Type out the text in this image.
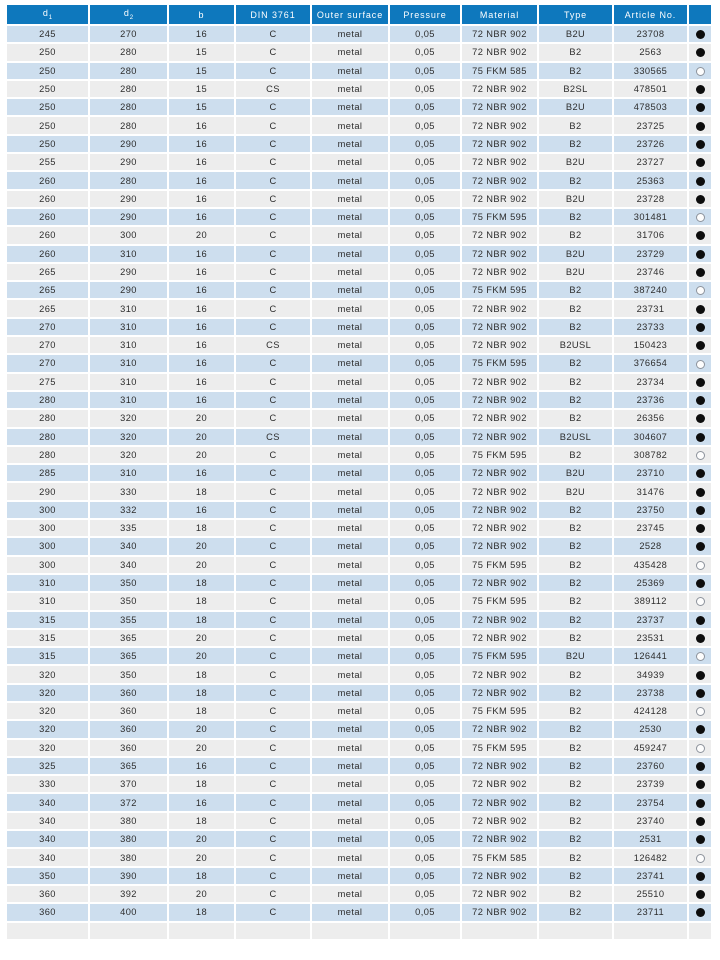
$d_1$	$d_2$	b	DIN 3761	Outer surface	Pressure	Material	Type	Article No.	
245	270	16	C	metal	0,05	72 NBR 902	B2U	23708	
250	280	15	C	metal	0,05	72 NBR 902	B2	2563	
250	280	15	C	metal	0,05	75 FKM 585	B2	330565	
250	280	15	CS	metal	0,05	72 NBR 902	B2SL	478501	
250	280	15	C	metal	0,05	72 NBR 902	B2U	478503	
250	280	16	C	metal	0,05	72 NBR 902	B2	23725	
250	290	16	C	metal	0,05	72 NBR 902	B2	23726	
255	290	16	C	metal	0,05	72 NBR 902	B2U	23727	
260	280	16	C	metal	0,05	72 NBR 902	B2	25363	
260	290	16	C	metal	0,05	72 NBR 902	B2U	23728	
260	290	16	C	metal	0,05	75 FKM 595	B2	301481	
260	300	20	C	metal	0,05	72 NBR 902	B2	31706	
260	310	16	C	metal	0,05	72 NBR 902	B2U	23729	
265	290	16	C	metal	0,05	72 NBR 902	B2U	23746	
265	290	16	C	metal	0,05	75 FKM 595	B2	387240	
265	310	16	C	metal	0,05	72 NBR 902	B2	23731	
270	310	16	C	metal	0,05	72 NBR 902	B2	23733	
270	310	16	CS	metal	0,05	72 NBR 902	B2USL	150423	
270	310	16	C	metal	0,05	75 FKM 595	B2	376654	
275	310	16	C	metal	0,05	72 NBR 902	B2	23734	
280	310	16	C	metal	0,05	72 NBR 902	B2	23736	
280	320	20	C	metal	0,05	72 NBR 902	B2	26356	
280	320	20	CS	metal	0,05	72 NBR 902	B2USL	304607	
280	320	20	C	metal	0,05	75 FKM 595	B2	308782	
285	310	16	C	metal	0,05	72 NBR 902	B2U	23710	
290	330	18	C	metal	0,05	72 NBR 902	B2U	31476	
300	332	16	C	metal	0,05	72 NBR 902	B2	23750	
300	335	18	C	metal	0,05	72 NBR 902	B2	23745	
300	340	20	C	metal	0,05	72 NBR 902	B2	2528	
300	340	20	C	metal	0,05	75 FKM 595	B2	435428	
310	350	18	C	metal	0,05	72 NBR 902	B2	25369	
310	350	18	C	metal	0,05	75 FKM 595	B2	389112	
315	355	18	C	metal	0,05	72 NBR 902	B2	23737	
315	365	20	C	metal	0,05	72 NBR 902	B2	23531	
315	365	20	C	metal	0,05	75 FKM 595	B2U	126441	
320	350	18	C	metal	0,05	72 NBR 902	B2	34939	
320	360	18	C	metal	0,05	72 NBR 902	B2	23738	
320	360	18	C	metal	0,05	75 FKM 595	B2	424128	
320	360	20	C	metal	0,05	72 NBR 902	B2	2530	
320	360	20	C	metal	0,05	75 FKM 595	B2	459247	
325	365	16	C	metal	0,05	72 NBR 902	B2	23760	
330	370	18	C	metal	0,05	72 NBR 902	B2	23739	
340	372	16	C	metal	0,05	72 NBR 902	B2	23754	
340	380	18	C	metal	0,05	72 NBR 902	B2	23740	
340	380	20	C	metal	0,05	72 NBR 902	B2	2531	
340	380	20	C	metal	0,05	75 FKM 585	B2	126482	
350	390	18	C	metal	0,05	72 NBR 902	B2	23741	
360	392	20	C	metal	0,05	72 NBR 902	B2	25510	
360	400	18	C	metal	0,05	72 NBR 902	B2	23711	
